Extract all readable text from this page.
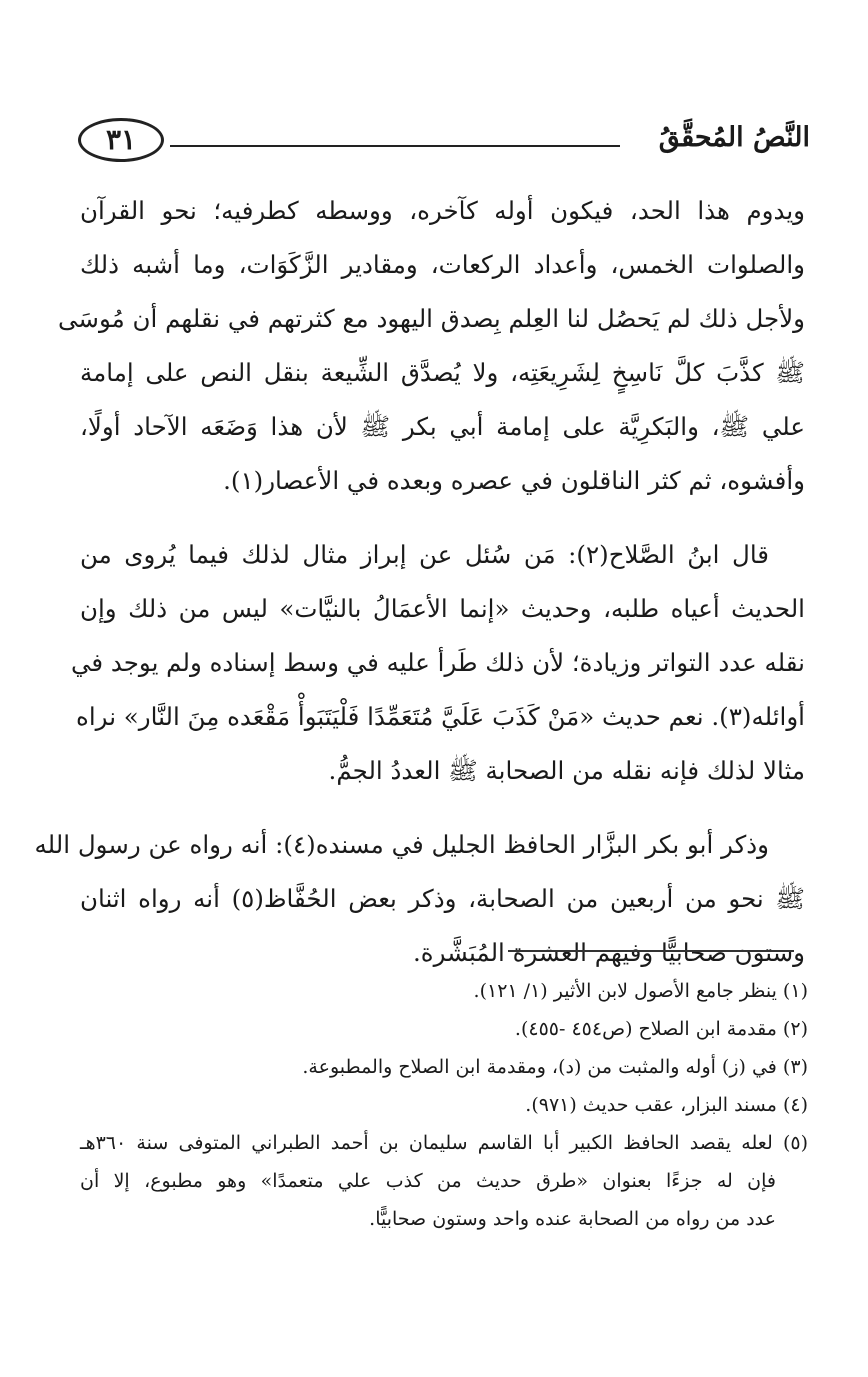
النَّصُ المُحقَّقُ
٣١
ويدوم هذا الحد، فيكون أوله كآخره، ووسطه كطرفيه؛ نحو القرآن
والصلوات الخمس، وأعداد الركعات، ومقادير الزَّكَوَات، وما أشبه ذلك
ولأجل ذلك لم يَحصُل لنا العِلم بِصدق اليهود مع كثرتهم في نقلهم أن مُوسَى
ﷺ كذَّبَ كلَّ نَاسِخٍ لِشَرِيعَتِه، ولا يُصدَّق الشِّيعة بنقل النص على إمامة
علي ﷺ، والبَكرِيَّة على إمامة أبي بكر ﷺ لأن هذا وَضَعَه الآحاد أولًا،
وأفشوه، ثم كثر الناقلون في عصره وبعده في الأعصار(١).
قال ابنُ الصَّلاح(٢): مَن سُئل عن إبراز مثال لذلك فيما يُروى من
الحديث أعياه طلبه، وحديث «إنما الأعمَالُ بالنيَّات» ليس من ذلك وإن
نقله عدد التواتر وزيادة؛ لأن ذلك طَرأ عليه في وسط إسناده ولم يوجد في
أوائله(٣). نعم حديث «مَنْ كَذَبَ عَلَيَّ مُتَعَمِّدًا فَلْيَتَبَوأْ مَقْعَده مِنَ النَّار» نراه
مثالا لذلك فإنه نقله من الصحابة ﷺ العددُ الجمُّ.
وذكر أبو بكر البزَّار الحافظ الجليل في مسنده(٤): أنه رواه عن رسول الله
ﷺ نحو من أربعين من الصحابة، وذكر بعض الحُفَّاظ(٥) أنه رواه اثنان
وستون صحابيًّا وفيهم العشرة المُبَشَّرة.
(١) ينظر جامع الأصول لابن الأثير (١/ ١٢١).
(٢) مقدمة ابن الصلاح (ص٤٥٤ -٤٥٥).
(٣) في (ز) أوله والمثبت من (د)، ومقدمة ابن الصلاح والمطبوعة.
(٤) مسند البزار، عقب حديث (٩٧١).
(٥) لعله يقصد الحافظ الكبير أبا القاسم سليمان بن أحمد الطبراني المتوفى سنة ٣٦٠هـ
فإن له جزءًا بعنوان «طرق حديث من كذب علي متعمدًا» وهو مطبوع، إلا أن
عدد من رواه من الصحابة عنده واحد وستون صحابيًّا.
